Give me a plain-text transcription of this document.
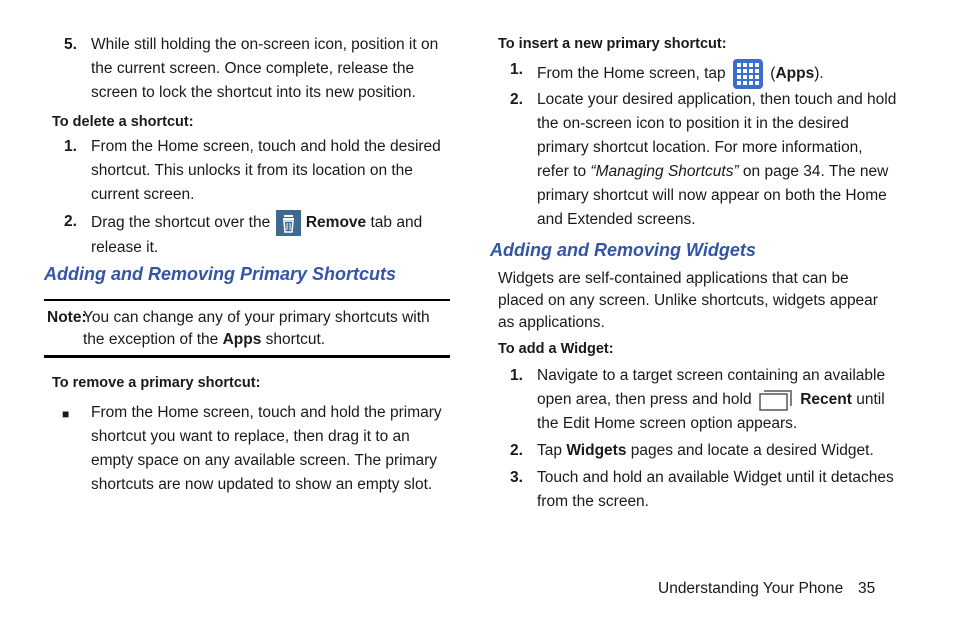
5. While still holding the on-screen icon, position it on the current screen. Once complete, release the screen to lock the shortcut into its new position.
To delete a shortcut:
1. From the Home screen, touch and hold the desired shortcut. This unlocks it from its location on the current screen.
2. Drag the shortcut over the Remove tab and release it.
Adding and Removing Primary Shortcuts
Note:
You can change any of your primary shortcuts with the exception of the Apps shortcut.
To remove a primary shortcut:
■ From the Home screen, touch and hold the primary shortcut you want to replace, then drag it to an empty space on any available screen. The primary shortcuts are now updated to show an empty slot.
To insert a new primary shortcut:
1. From the Home screen, tap	(Apps).
2. Locate your desired application, then touch and hold the on-screen icon to position it in the desired primary shortcut location. For more information, refer to “Managing Shortcuts” on page 34. The new primary shortcut will now appear on both the Home and Extended screens.
Adding and Removing Widgets
Widgets are self-contained applications that can be placed on any screen. Unlike shortcuts, widgets appear as applications.
To add a Widget:
1. Navigate to a target screen containing an available open area, then press and hold	Recent until the Edit Home screen option appears.
2. Tap Widgets pages and locate a desired Widget.
3. Touch and hold an available Widget until it detaches from the screen.
Understanding Your Phone 35
